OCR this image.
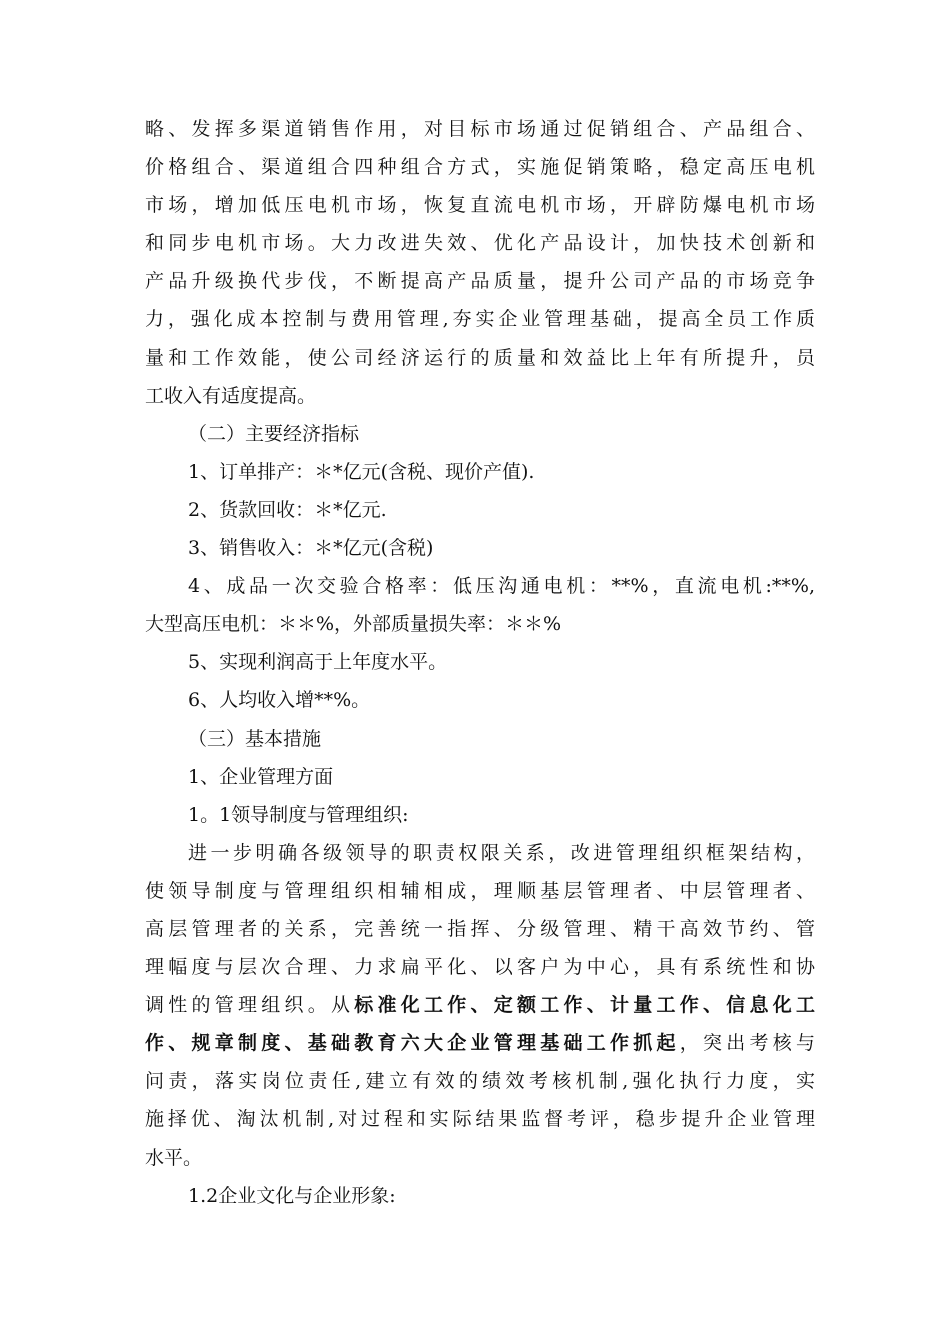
略、发挥多渠道销售作用，对目标市场通过促销组合、产品组合、
价格组合、渠道组合四种组合方式，实施促销策略，稳定高压电机
市场，增加低压电机市场，恢复直流电机市场，开辟防爆电机市场
和同步电机市场。大力改进失效、优化产品设计，加快技术创新和
产品升级换代步伐，不断提高产品质量，提升公司产品的市场竞争
力，强化成本控制与费用管理,夯实企业管理基础，提高全员工作质
量和工作效能，使公司经济运行的质量和效益比上年有所提升，员
工收入有适度提高。
（二）主要经济指标
1、订单排产：＊*亿元(含税、现价产值).
2、货款回收：＊*亿元.
3、销售收入：＊*亿元(含税)
4、成品一次交验合格率：低压沟通电机：**%，直流电机:**%,
大型高压电机：＊＊%，外部质量损失率：＊＊%
5、实现利润高于上年度水平。
6、人均收入增**%。
（三）基本措施
1、企业管理方面
1。1领导制度与管理组织:
进一步明确各级领导的职责权限关系，改进管理组织框架结构，
使领导制度与管理组织相辅相成，理顺基层管理者、中层管理者、
高层管理者的关系，完善统一指挥、分级管理、精干高效节约、管
理幅度与层次合理、力求扁平化、以客户为中心，具有系统性和协
调性的管理组织。从标准化工作、定额工作、计量工作、信息化工
作、规章制度、基础教育六大企业管理基础工作抓起，突出考核与
问责，落实岗位责任,建立有效的绩效考核机制,强化执行力度，实
施择优、淘汰机制,对过程和实际结果监督考评，稳步提升企业管理
水平。
1.2企业文化与企业形象:
